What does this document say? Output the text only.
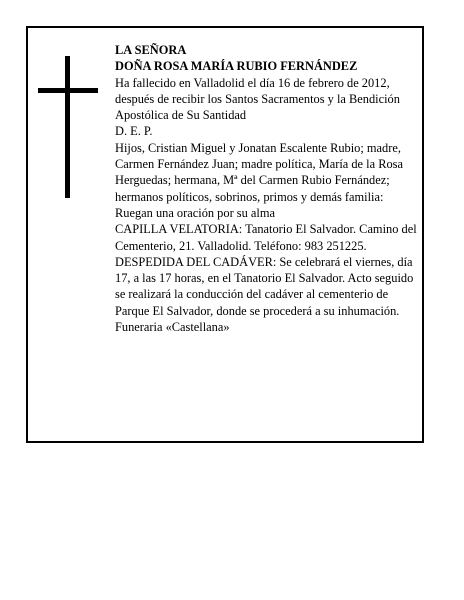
LA SEÑORA

DOÑA ROSA MARÍA RUBIO FERNÁNDEZ

Ha fallecido en Valladolid el día 16 de febrero de 2012, después de recibir los Santos Sacramentos y la Bendición Apostólica de Su Santidad

D. E. P.

Hijos, Cristian Miguel y Jonatan Escalente Rubio; madre, Carmen Fernández Juan; madre política, María de la Rosa Herguedas; hermana, Mª del Carmen Rubio Fernández; hermanos políticos, sobrinos, primos y demás familia:

Ruegan una oración por su alma

CAPILLA VELATORIA: Tanatorio El Salvador. Camino del Cementerio, 21. Valladolid. Teléfono: 983 251225.

DESPEDIDA DEL CADÁVER: Se celebrará el viernes, día 17, a las 17 horas, en el Tanatorio El Salvador. Acto seguido se realizará la conducción del cadáver al cementerio de Parque El Salvador, donde se procederá a su inhumación.

Funeraria «Castellana»
